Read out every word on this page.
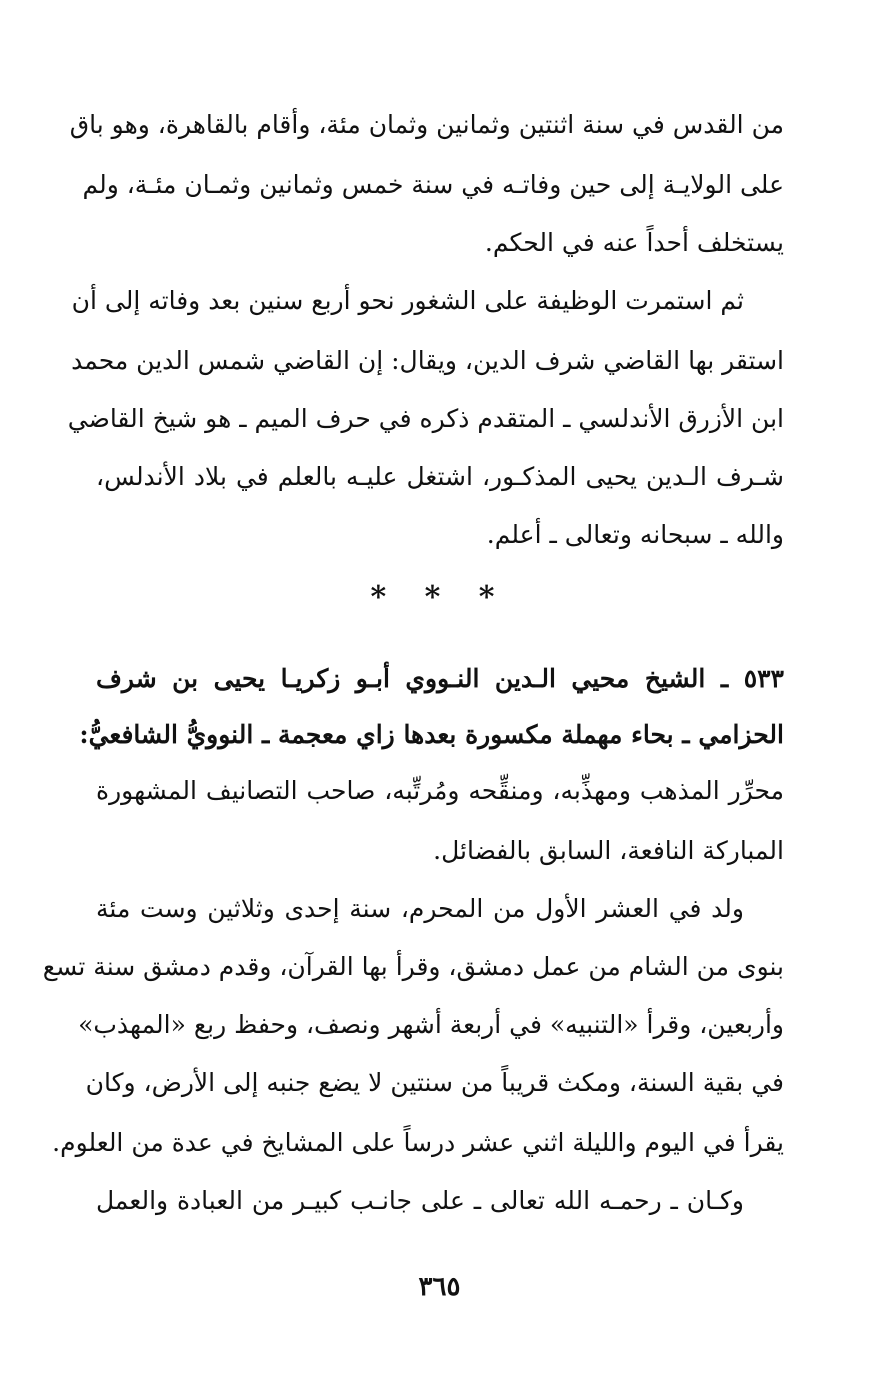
من القدس في سنة اثنتين وثمانين وثمان مئة، وأقام بالقاهرة، وهو باق
على الولايـة إلى حين وفاتـه في سنة خمس وثمانين وثمـان مئـة، ولم
يستخلف أحداً عنه في الحكم.
ثم استمرت الوظيفة على الشغور نحو أربع سنين بعد وفاته إلى أن
استقر بها القاضي شرف الدين، ويقال: إن القاضي شمس الدين محمد
ابن الأزرق الأندلسي ـ المتقدم ذكره في حرف الميم ـ هو شيخ القاضي
شـرف الـدين يحيى المذكـور، اشتغل عليـه بالعلم في بلاد الأندلس،
والله ـ سبحانه وتعالى ـ أعلم.
* * *
٥٣٣ ـ الشيخ محيي الـدين النـووي أبـو زكريـا يحيى بن شرف
الحزامي ـ بحاء مهملة مكسورة بعدها زاي معجمة ـ النوويُّ الشافعيُّ:
محرِّر المذهب ومهذِّبه، ومنقِّحه ومُرتِّبه، صاحب التصانيف المشهورة
المباركة النافعة، السابق بالفضائل.
ولد في العشر الأول من المحرم، سنة إحدى وثلاثين وست مئة
بنوى من الشام من عمل دمشق، وقرأ بها القرآن، وقدم دمشق سنة تسع
وأربعين، وقرأ «التنبيه» في أربعة أشهر ونصف، وحفظ ربع «المهذب»
في بقية السنة، ومكث قريباً من سنتين لا يضع جنبه إلى الأرض، وكان
يقرأ في اليوم والليلة اثني عشر درساً على المشايخ في عدة من العلوم.
وكـان ـ رحمـه الله تعالى ـ على جانـب كبيـر من العبادة والعمل
٣٦٥
